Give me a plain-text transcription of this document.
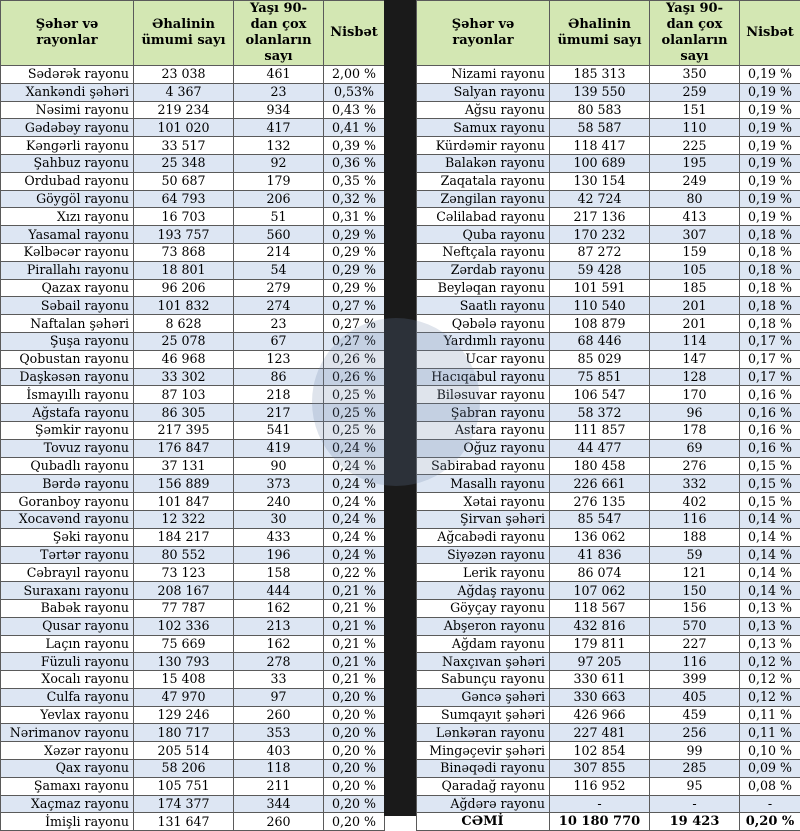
Şəhər və rayonlar	Əhalinin ümumi sayı	Yaşı 90-dan çox olanların sayı	Nisbət
Sədərək rayonu	23 038	461	2,00 %
Xankəndi şəhəri	4 367	23	0,53%
Nəsimi rayonu	219 234	934	0,43 %
Gədəbəy rayonu	101 020	417	0,41 %
Kəngərli rayonu	33 517	132	0,39 %
Şahbuz rayonu	25 348	92	0,36 %
Ordubad rayonu	50 687	179	0,35 %
Göygöl rayonu	64 793	206	0,32 %
Xızı rayonu	16 703	51	0,31 %
Yasamal rayonu	193 757	560	0,29 %
Kəlbəcər rayonu	73 868	214	0,29 %
Pirallahı rayonu	18 801	54	0,29 %
Qazax rayonu	96 206	279	0,29 %
Səbail rayonu	101 832	274	0,27 %
Naftalan şəhəri	8 628	23	0,27 %
Şuşa rayonu	25 078	67	0,27 %
Qobustan rayonu	46 968	123	0,26 %
Daşkəsən rayonu	33 302	86	0,26 %
İsmayıllı rayonu	87 103	218	0,25 %
Ağstafa rayonu	86 305	217	0,25 %
Şəmkir rayonu	217 395	541	0,25 %
Tovuz rayonu	176 847	419	0,24 %
Qubadlı rayonu	37 131	90	0,24 %
Bərdə rayonu	156 889	373	0,24 %
Goranboy rayonu	101 847	240	0,24 %
Xocavənd rayonu	12 322	30	0,24 %
Şəki rayonu	184 217	433	0,24 %
Tərtər rayonu	80 552	196	0,24 %
Cəbrayıl rayonu	73 123	158	0,22 %
Suraxanı rayonu	208 167	444	0,21 %
Babək rayonu	77 787	162	0,21 %
Qusar rayonu	102 336	213	0,21 %
Laçın rayonu	75 669	162	0,21 %
Füzuli rayonu	130 793	278	0,21 %
Xocalı rayonu	15 408	33	0,21 %
Culfa rayonu	47 970	97	0,20 %
Yevlax rayonu	129 246	260	0,20 %
Nərimanov rayonu	180 717	353	0,20 %
Xəzər rayonu	205 514	403	0,20 %
Qax rayonu	58 206	118	0,20 %
Şamaxı rayonu	105 751	211	0,20 %
Xaçmaz rayonu	174 377	344	0,20 %
İmişli rayonu	131 647	260	0,20 %
Şəhər və rayonlar	Əhalinin ümumi sayı	Yaşı 90-dan çox olanların sayı	Nisbət
Nizami rayonu	185 313	350	0,19 %
Salyan rayonu	139 550	259	0,19 %
Ağsu rayonu	80 583	151	0,19 %
Samux rayonu	58 587	110	0,19 %
Kürdəmir rayonu	118 417	225	0,19 %
Balakən rayonu	100 689	195	0,19 %
Zaqatala rayonu	130 154	249	0,19 %
Zəngilan rayonu	42 724	80	0,19 %
Cəlilabad rayonu	217 136	413	0,19 %
Quba rayonu	170 232	307	0,18 %
Neftçala rayonu	87 272	159	0,18 %
Zərdab rayonu	59 428	105	0,18 %
Beyləqan rayonu	101 591	185	0,18 %
Saatlı rayonu	110 540	201	0,18 %
Qəbələ rayonu	108 879	201	0,18 %
Yardımlı rayonu	68 446	114	0,17 %
Ucar rayonu	85 029	147	0,17 %
Hacıqabul rayonu	75 851	128	0,17 %
Biləsuvar rayonu	106 547	170	0,16 %
Şabran rayonu	58 372	96	0,16 %
Astara rayonu	111 857	178	0,16 %
Oğuz rayonu	44 477	69	0,16 %
Sabirabad rayonu	180 458	276	0,15 %
Masallı rayonu	226 661	332	0,15 %
Xətai rayonu	276 135	402	0,15 %
Şirvan şəhəri	85 547	116	0,14 %
Ağcabədi rayonu	136 062	188	0,14 %
Siyəzən rayonu	41 836	59	0,14 %
Lerik rayonu	86 074	121	0,14 %
Ağdaş rayonu	107 062	150	0,14 %
Göyçay rayonu	118 567	156	0,13 %
Abşeron rayonu	432 816	570	0,13 %
Ağdam rayonu	179 811	227	0,13 %
Naxçıvan şəhəri	97 205	116	0,12 %
Sabunçu rayonu	330 611	399	0,12 %
Gəncə şəhəri	330 663	405	0,12 %
Sumqayıt şəhəri	426 966	459	0,11 %
Lənkəran rayonu	227 481	256	0,11 %
Mingəçevir şəhəri	102 854	99	0,10 %
Binəqədi rayonu	307 855	285	0,09 %
Qaradağ rayonu	116 952	95	0,08 %
Ağdərə rayonu	-	-	-
CƏMİ	10 180 770	19 423	0,20 %
